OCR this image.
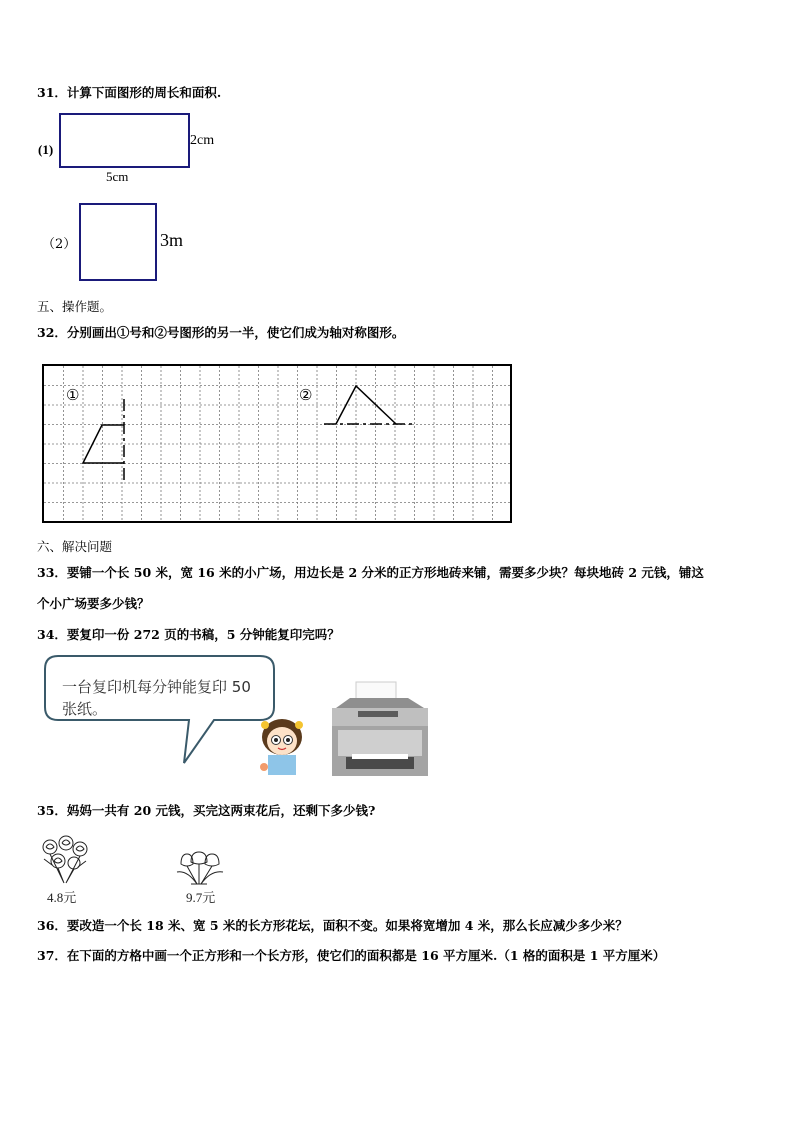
31．计算下面图形的周长和面积.
(1)
2cm
5cm
（2）	3m
五、操作题。
32．分别画出①号和②号图形的另一半，使它们成为轴对称图形。
①	②
六、解决问题
33．要铺一个长 50 米，宽 16 米的小广场，用边长是 2 分米的正方形地砖来铺，需要多少块？每块地砖 2 元钱，铺这
个小广场要多少钱？
34．要复印一份 272 页的书稿，5 分钟能复印完吗？
一台复印机每分钟能复印 50
张纸。
35．妈妈一共有 20 元钱，买完这两束花后，还剩下多少钱?
4.8元	9.7元
36．要改造一个长 18 米、宽 5 米的长方形花坛，面积不变。如果将宽增加 4 米，那么长应减少多少米？
37．在下面的方格中画一个正方形和一个长方形，使它们的面积都是 16 平方厘米.（1 格的面积是 1 平方厘米）
